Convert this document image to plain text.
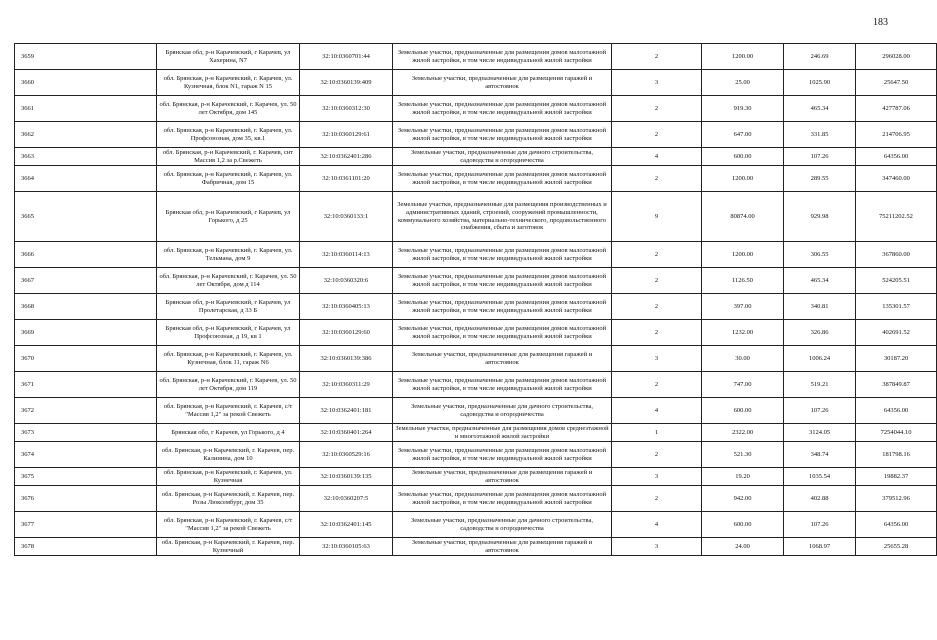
183
3659	Брянская обл, р-н Карачевский, г Карачев, ул Хахерина, N7	32:10:0360701:44	Земельные участки, предназначенные для размещения домов малоэтажной жилой застройки, в том числе индивидуальной жилой застройки	2	1200.00	246.69	296028.00
3660	обл. Брянская, р-н Карачевский, г. Карачев, ул. Кузнечная, блок N1, гараж N 15	32:10:0360139:409	Земельные участки, предназначенные для размещения гаражей и автостоянок	3	25.00	1025.90	25647.50
3661	обл. Брянская, р-н Карачевский, г. Карачев, ул. 50 лет Октября, дом 145	32:10:0360312:30	Земельные участки, предназначенные для размещения домов малоэтажной жилой застройки, в том числе индивидуальной жилой застройки	2	919.30	465.34	427787.06
3662	обл. Брянская, р-н Карачевский, г. Карачев, ул. Профсоюзная, дом 35, кв.1	32:10:0360129:61	Земельные участки, предназначенные для размещения домов малоэтажной жилой застройки, в том числе индивидуальной жилой застройки	2	647.00	331.85	214706.95
3663	обл. Брянская, р-н Карачевский, г. Карачев, снт Массив 1,2 за р.Свежеть	32:10:0362401:286	Земельные участки, предназначенные для дачного строительства, садоводства и огородничества	4	600.00	107.26	64356.00
3664	обл. Брянская, р-н Карачевский, г. Карачев, ул. Фабричная, дом 15	32:10:0361101:20	Земельные участки, предназначенные для размещения домов малоэтажной жилой застройки, в том числе индивидуальной жилой застройки	2	1200.00	289.55	347460.00
3665	Брянская обл, р-н Карачевский, г Карачев, ул Горького, д 25	32:10:0360133:1	Земельные участки, предназначенные для размещения производственных и административных зданий, строений, сооружений промышленности, коммунального хозяйства, материально-технического, продовольственного снабжения, сбыта и заготовок	9	80874.00	929.98	75211202.52
3666	обл. Брянская, р-н Карачевский, г. Карачев, ул. Тельмана, дом 9	32:10:0360114:13	Земельные участки, предназначенные для размещения домов малоэтажной жилой застройки, в том числе индивидуальной жилой застройки	2	1200.00	306.55	367860.00
3667	обл. Брянская, р-н Карачевский, г. Карачев, ул. 50 лет Октября, дом д 114	32:10:0360320:6	Земельные участки, предназначенные для размещения домов малоэтажной жилой застройки, в том числе индивидуальной жилой застройки	2	1126.50	465.34	524205.51
3668	Брянская обл, р-н Карачевский, г Карачев, ул Пролетарская, д 33 Б	32:10:0360405:13	Земельные участки, предназначенные для размещения домов малоэтажной жилой застройки, в том числе индивидуальной жилой застройки	2	397.00	340.81	135301.57
3669	Брянская обл, р-н Карачевский, г Карачев, ул Профсоюзная, д 19, кв 1	32:10:0360129:60	Земельные участки, предназначенные для размещения домов малоэтажной жилой застройки, в том числе индивидуальной жилой застройки	2	1232.00	326.86	402691.52
3670	обл. Брянская, р-н Карачевский, г. Карачев, ул. Кузнечная, блок 11, гараж N6	32:10:0360139:386	Земельные участки, предназначенные для размещения гаражей и автостоянок	3	30.00	1006.24	30187.20
3671	обл. Брянская, р-н Карачевский, г. Карачев, ул. 50 лет Октября, дом 119	32:10:0360311:29	Земельные участки, предназначенные для размещения домов малоэтажной жилой застройки, в том числе индивидуальной жилой застройки	2	747.00	519.21	387849.87
3672	обл. Брянская, р-н Карачевский, г. Карачев, с/т "Массив 1,2" за рекой Свежеть	32:10:0362401:181	Земельные участки, предназначенные для дачного строительства, садоводства и огородничества	4	600.00	107.26	64356.00
3673	Брянская обл, г Карачев, ул Горького, д 4	32:10:0360401:264	Земельные участки, предназначенные для размещения домов среднеэтажной и многоэтажной жилой застройки	1	2322.00	3124.05	7254044.10
3674	обл. Брянская, р-н Карачевский, г. Карачев, пер. Калинина, дом 10	32:10:0360529:16	Земельные участки, предназначенные для размещения домов малоэтажной жилой застройки, в том числе индивидуальной жилой застройки	2	521.30	348.74	181798.16
3675	обл. Брянская, р-н Карачевский, г. Карачев, ул. Кузнечная	32:10:0360139:135	Земельные участки, предназначенные для размещения гаражей и автостоянок	3	19.20	1035.54	19882.37
3676	обл. Брянская, р-н Карачевский, г. Карачев, пер. Розы Люксембург, дом 35	32:10:0360207:5	Земельные участки, предназначенные для размещения домов малоэтажной жилой застройки, в том числе индивидуальной жилой застройки	2	942.00	402.88	379512.96
3677	обл. Брянская, р-н Карачевский, г. Карачев, с/т "Массив 1,2" за рекой Свежеть	32:10:0362401:145	Земельные участки, предназначенные для дачного строительства, садоводства и огородничества	4	600.00	107.26	64356.00
3678	обл. Брянская, р-н Карачевский, г. Карачев, пер. Кузнечный	32:10:0360105:63	Земельные участки, предназначенные для размещения гаражей и автостоянок	3	24.00	1068.97	25655.28
